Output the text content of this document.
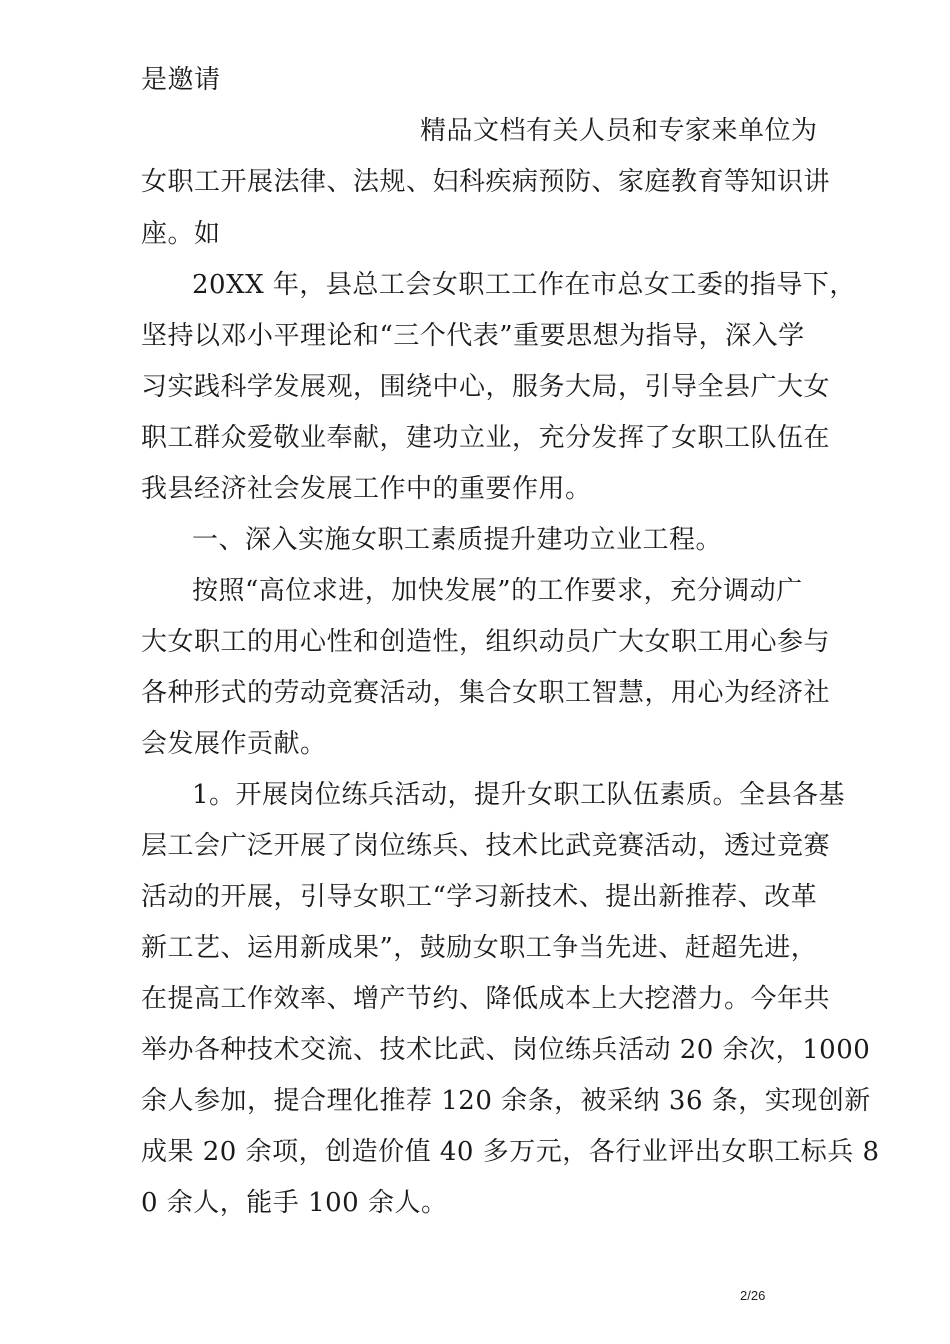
是邀请
精品文档有关人员和专家来单位为
女职工开展法律、法规、妇科疾病预防、家庭教育等知识讲
座。如
20XX 年，县总工会女职工工作在市总女工委的指导下，
坚持以邓小平理论和“三个代表”重要思想为指导，深入学
习实践科学发展观，围绕中心，服务大局，引导全县广大女
职工群众爱敬业奉献，建功立业，充分发挥了女职工队伍在
我县经济社会发展工作中的重要作用。
一、深入实施女职工素质提升建功立业工程。
按照“高位求进，加快发展”的工作要求，充分调动广
大女职工的用心性和创造性，组织动员广大女职工用心参与
各种形式的劳动竞赛活动，集合女职工智慧，用心为经济社
会发展作贡献。
1。开展岗位练兵活动，提升女职工队伍素质。全县各基
层工会广泛开展了岗位练兵、技术比武竞赛活动，透过竞赛
活动的开展，引导女职工“学习新技术、提出新推荐、改革
新工艺、运用新成果”，鼓励女职工争当先进、赶超先进，
在提高工作效率、增产节约、降低成本上大挖潜力。今年共
举办各种技术交流、技术比武、岗位练兵活动 20 余次，1000
余人参加，提合理化推荐 120 余条，被采纳 36 条，实现创新
成果 20 余项，创造价值 40 多万元，各行业评出女职工标兵 8
0 余人，能手 100 余人。
2/26
